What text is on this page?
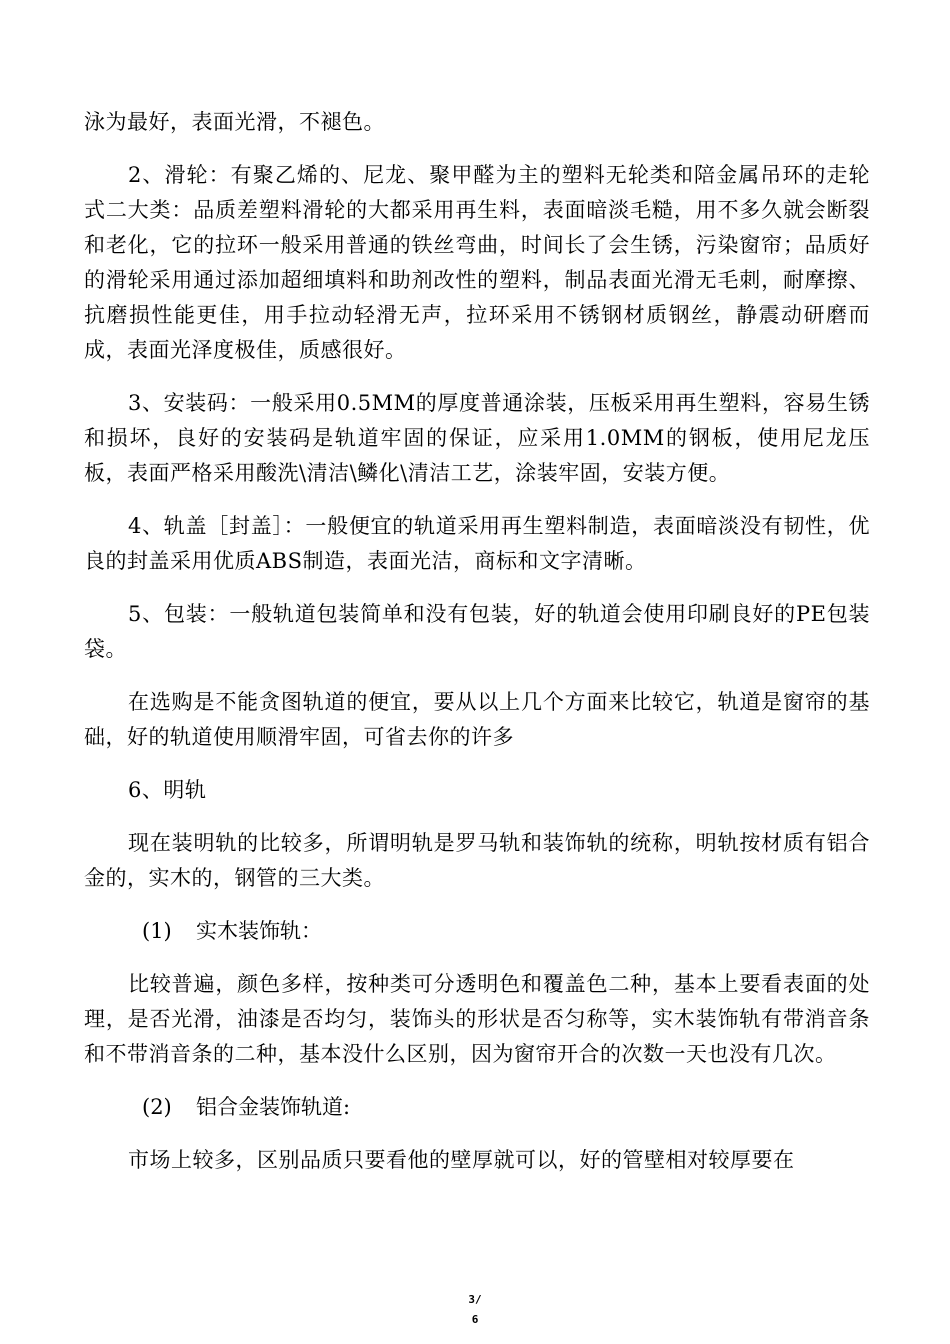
泳为最好，表面光滑，不褪色。

2、滑轮：有聚乙烯的、尼龙、聚甲醛为主的塑料无轮类和陪金属吊环的走轮式二大类：品质差塑料滑轮的大都采用再生料，表面暗淡毛糙，用不多久就会断裂和老化，它的拉环一般采用普通的铁丝弯曲，时间长了会生锈，污染窗帘；品质好的滑轮采用通过添加超细填料和助剂改性的塑料，制品表面光滑无毛刺，耐摩擦、抗磨损性能更佳，用手拉动轻滑无声，拉环采用不锈钢材质钢丝，静震动研磨而成，表面光泽度极佳，质感很好。

3、安装码：一般采用0.5MM的厚度普通涂装，压板采用再生塑料，容易生锈和损坏，良好的安装码是轨道牢固的保证，应采用1.0MM的钢板，使用尼龙压板，表面严格采用酸洗\清洁\鳞化\清洁工艺，涂装牢固，安装方便。

4、轨盖［封盖］：一般便宜的轨道采用再生塑料制造，表面暗淡没有韧性，优良的封盖采用优质ABS制造，表面光洁，商标和文字清晰。

5、包装：一般轨道包装简单和没有包装，好的轨道会使用印刷良好的PE包装袋。

在选购是不能贪图轨道的便宜，要从以上几个方面来比较它，轨道是窗帘的基础，好的轨道使用顺滑牢固，可省去你的许多

6、明轨

现在装明轨的比较多，所谓明轨是罗马轨和装饰轨的统称，明轨按材质有铝合金的，实木的，钢管的三大类。

(1) 实木装饰轨：

比较普遍，颜色多样，按种类可分透明色和覆盖色二种，基本上要看表面的处理，是否光滑，油漆是否均匀，装饰头的形状是否匀称等，实木装饰轨有带消音条和不带消音条的二种，基本没什么区别，因为窗帘开合的次数一天也没有几次。

(2) 铝合金装饰轨道:

市场上较多，区别品质只要看他的壁厚就可以，好的管壁相对较厚要在

3/
6
